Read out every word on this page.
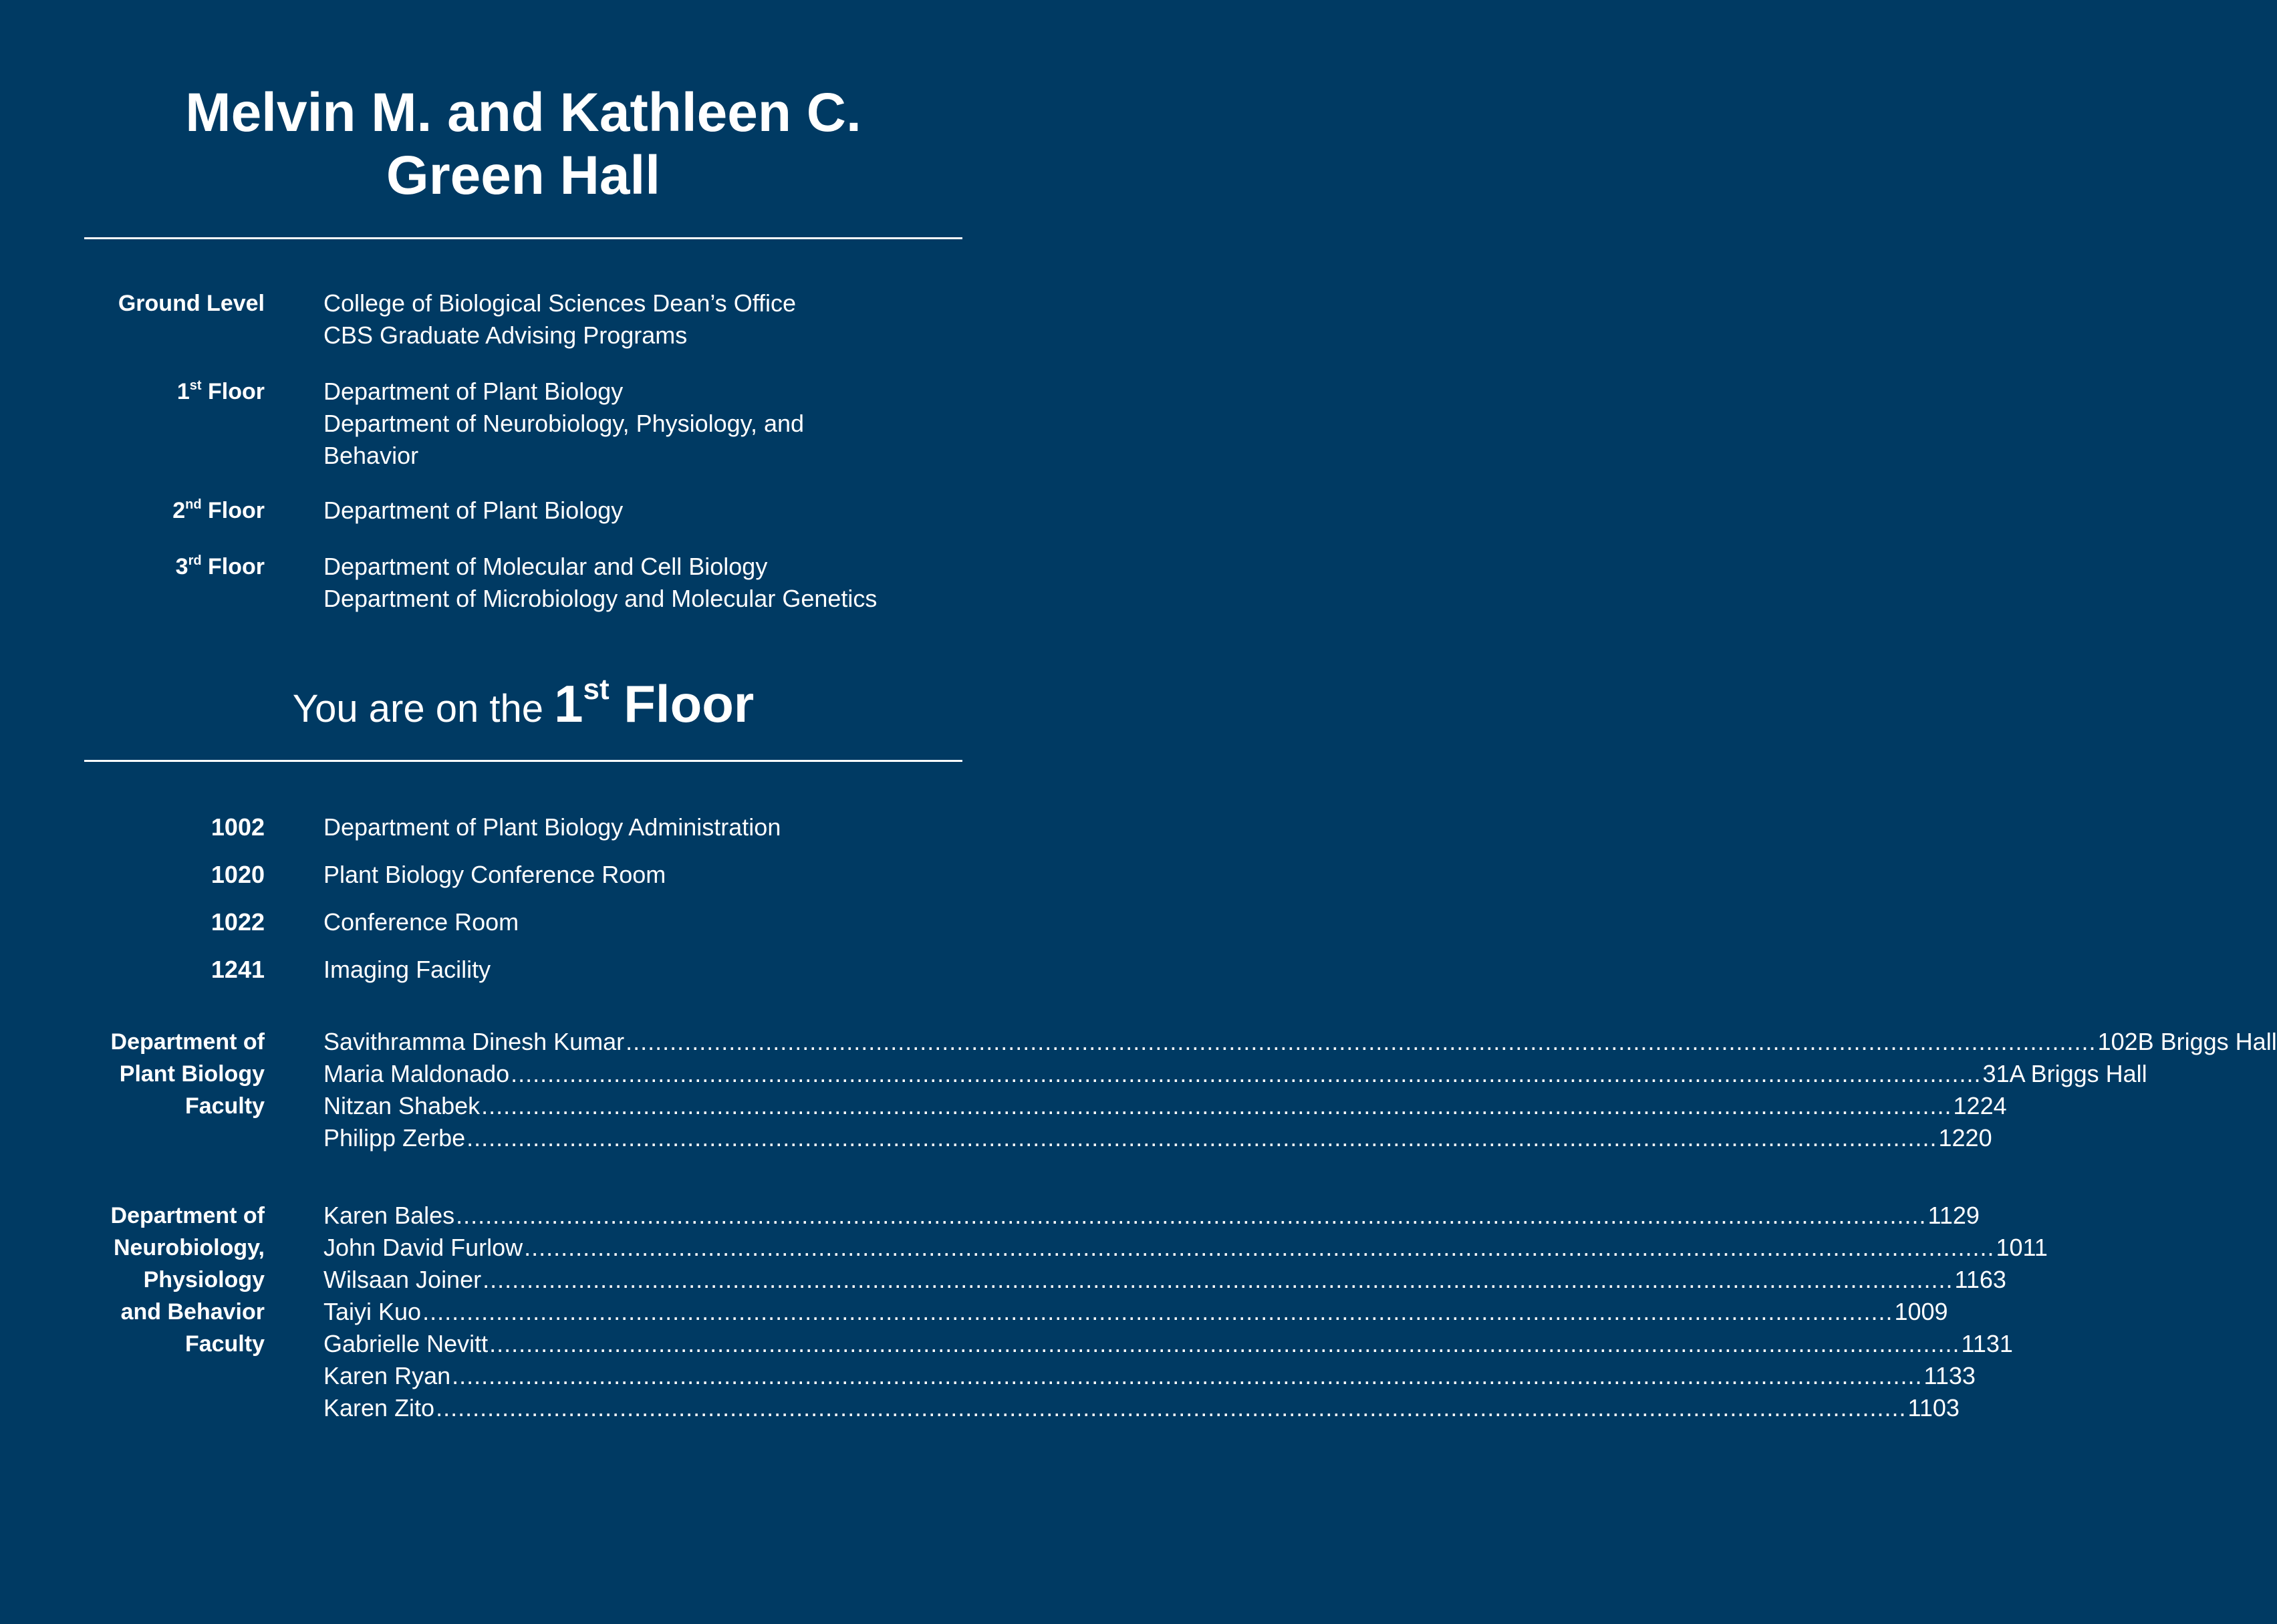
Melvin M. and Kathleen C.
Green Hall
Ground Level College of Biological Sciences Dean’s Office
CBS Graduate Advising Programs
1st Floor Department of Plant Biology
Department of Neurobiology, Physiology, and
Behavior
2nd Floor Department of Plant Biology
3rd Floor Department of Molecular and Cell Biology
Department of Microbiology and Molecular Genetics
You are on the 1st Floor
1002 Department of Plant Biology Administration
1020 Plant Biology Conference Room
1022 Conference Room
1241 Imaging Facility
Department of
Plant Biology
Faculty
Savithramma Dinesh Kumar ........................................................................................................................................................................................................ 102B Briggs Hall
Maria Maldonado ........................................................................................................................................................................................................ 31A Briggs Hall
Nitzan Shabek ........................................................................................................................................................................................................ 1224
Philipp Zerbe ........................................................................................................................................................................................................ 1220
Department of
Neurobiology,
Physiology
and Behavior
Faculty
Karen Bales ........................................................................................................................................................................................................ 1129
John David Furlow ........................................................................................................................................................................................................ 1011
Wilsaan Joiner ........................................................................................................................................................................................................ 1163
Taiyi Kuo ........................................................................................................................................................................................................ 1009
Gabrielle Nevitt ........................................................................................................................................................................................................ 1131
Karen Ryan ........................................................................................................................................................................................................ 1133
Karen Zito ........................................................................................................................................................................................................ 1103
